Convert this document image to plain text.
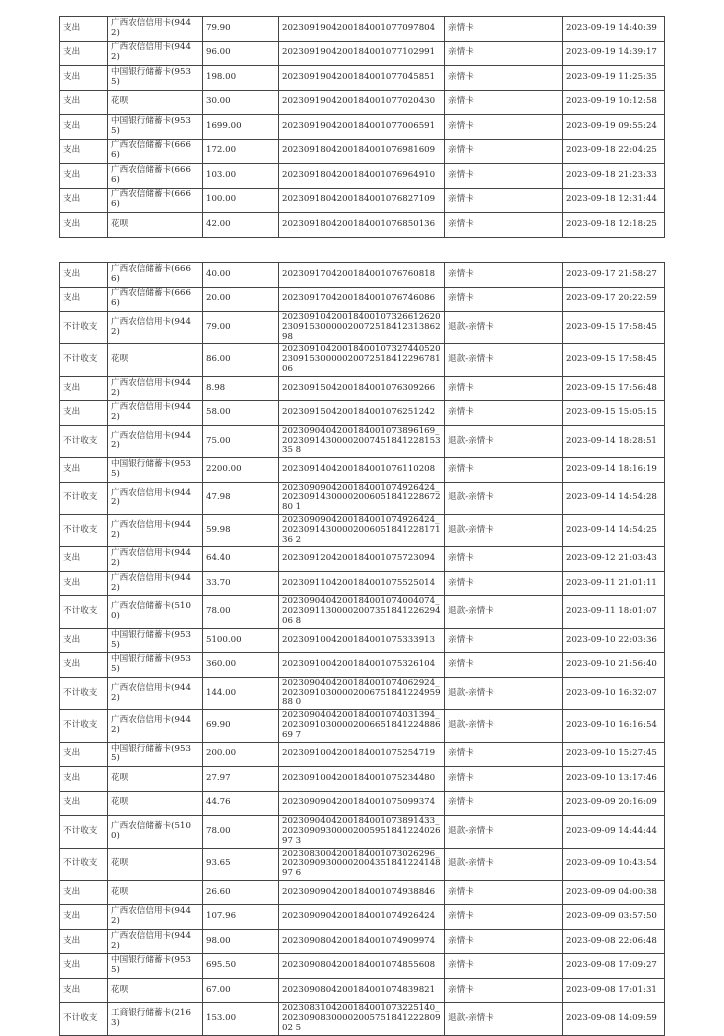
支出	广西农信信用卡(9442)	79.90	2023091904200184001077097804	亲情卡	2023-09-19 14:40:39
支出	广西农信信用卡(9442)	96.00	2023091904200184001077102991	亲情卡	2023-09-19 14:39:17
支出	中国银行储蓄卡(9535)	198.00	2023091904200184001077045851	亲情卡	2023-09-19 11:25:35
支出	花呗	30.00	2023091904200184001077020430	亲情卡	2023-09-19 10:12:58
支出	中国银行储蓄卡(9535)	1699.00	2023091904200184001077006591	亲情卡	2023-09-19 09:55:24
支出	广西农信储蓄卡(6666)	172.00	2023091804200184001076981609	亲情卡	2023-09-18 22:04:25
支出	广西农信储蓄卡(6666)	103.00	2023091804200184001076964910	亲情卡	2023-09-18 21:23:33
支出	广西农信储蓄卡(6666)	100.00	2023091804200184001076827109	亲情卡	2023-09-18 12:31:44
支出	花呗	42.00	2023091804200184001076850136	亲情卡	2023-09-18 12:18:25
支出	广西农信储蓄卡(6666)	40.00	2023091704200184001076760818	亲情卡	2023-09-17 21:58:27
支出	广西农信储蓄卡(6666)	20.00	2023091704200184001076746086	亲情卡	2023-09-17 20:22:59
不计收支	广西农信信用卡(9442)	79.00	2023091042001840010732661262023091530000020072518412313862 98	退款-亲情卡	2023-09-15 17:58:45
不计收支	花呗	86.00	2023091042001840010732744052023091530000020072518412296781 06	退款-亲情卡	2023-09-15 17:58:45
支出	广西农信信用卡(9442)	8.98	2023091504200184001076309266	亲情卡	2023-09-15 17:56:48
支出	广西农信信用卡(9442)	58.00	2023091504200184001076251242	亲情卡	2023-09-15 15:05:15
不计收支	广西农信信用卡(9442)	75.00	2023090404200184001073896169_2023091430000200745184122815335 8	退款-亲情卡	2023-09-14 18:28:51
支出	中国银行储蓄卡(9535)	2200.00	2023091404200184001076110208	亲情卡	2023-09-14 18:16:19
不计收支	广西农信信用卡(9442)	47.98	2023090904200184001074926424_2023091430000200605184122867280 1	退款-亲情卡	2023-09-14 14:54:28
不计收支	广西农信信用卡(9442)	59.98	2023090904200184001074926424_2023091430000200605184122817136 2	退款-亲情卡	2023-09-14 14:54:25
支出	广西农信信用卡(9442)	64.40	2023091204200184001075723094	亲情卡	2023-09-12 21:03:43
支出	广西农信信用卡(9442)	33.70	2023091104200184001075525014	亲情卡	2023-09-11 21:01:11
不计收支	广西农信储蓄卡(5100)	78.00	2023090404200184001074004074_2023091130000200735184122629406 8	退款-亲情卡	2023-09-11 18:01:07
支出	中国银行储蓄卡(9535)	5100.00	2023091004200184001075333913	亲情卡	2023-09-10 22:03:36
支出	中国银行储蓄卡(9535)	360.00	2023091004200184001075326104	亲情卡	2023-09-10 21:56:40
不计收支	广西农信信用卡(9442)	144.00	2023090404200184001074062924_2023091030000200675184122495988 0	退款-亲情卡	2023-09-10 16:32:07
不计收支	广西农信信用卡(9442)	69.90	2023090404200184001074031394_2023091030000200665184122488669 7	退款-亲情卡	2023-09-10 16:16:54
支出	中国银行储蓄卡(9535)	200.00	2023091004200184001075254719	亲情卡	2023-09-10 15:27:45
支出	花呗	27.97	2023091004200184001075234480	亲情卡	2023-09-10 13:17:46
支出	花呗	44.76	2023090904200184001075099374	亲情卡	2023-09-09 20:16:09
不计收支	广西农信储蓄卡(5100)	78.00	2023090404200184001073891433_2023090930000200595184122402697 3	退款-亲情卡	2023-09-09 14:44:44
不计收支	花呗	93.65	2023083004200184001073026296_2023090930000200435184122414897 6	退款-亲情卡	2023-09-09 10:43:54
支出	花呗	26.60	2023090904200184001074938846	亲情卡	2023-09-09 04:00:38
支出	广西农信信用卡(9442)	107.96	2023090904200184001074926424	亲情卡	2023-09-09 03:57:50
支出	广西农信信用卡(9442)	98.00	2023090804200184001074909974	亲情卡	2023-09-08 22:06:48
支出	中国银行储蓄卡(9535)	695.50	2023090804200184001074855608	亲情卡	2023-09-08 17:09:27
支出	花呗	67.00	2023090804200184001074839821	亲情卡	2023-09-08 17:01:31
不计收支	工商银行储蓄卡(2163)	153.00	2023083104200184001073225140_2023090830000200575184122280902 5	退款-亲情卡	2023-09-08 14:09:59
